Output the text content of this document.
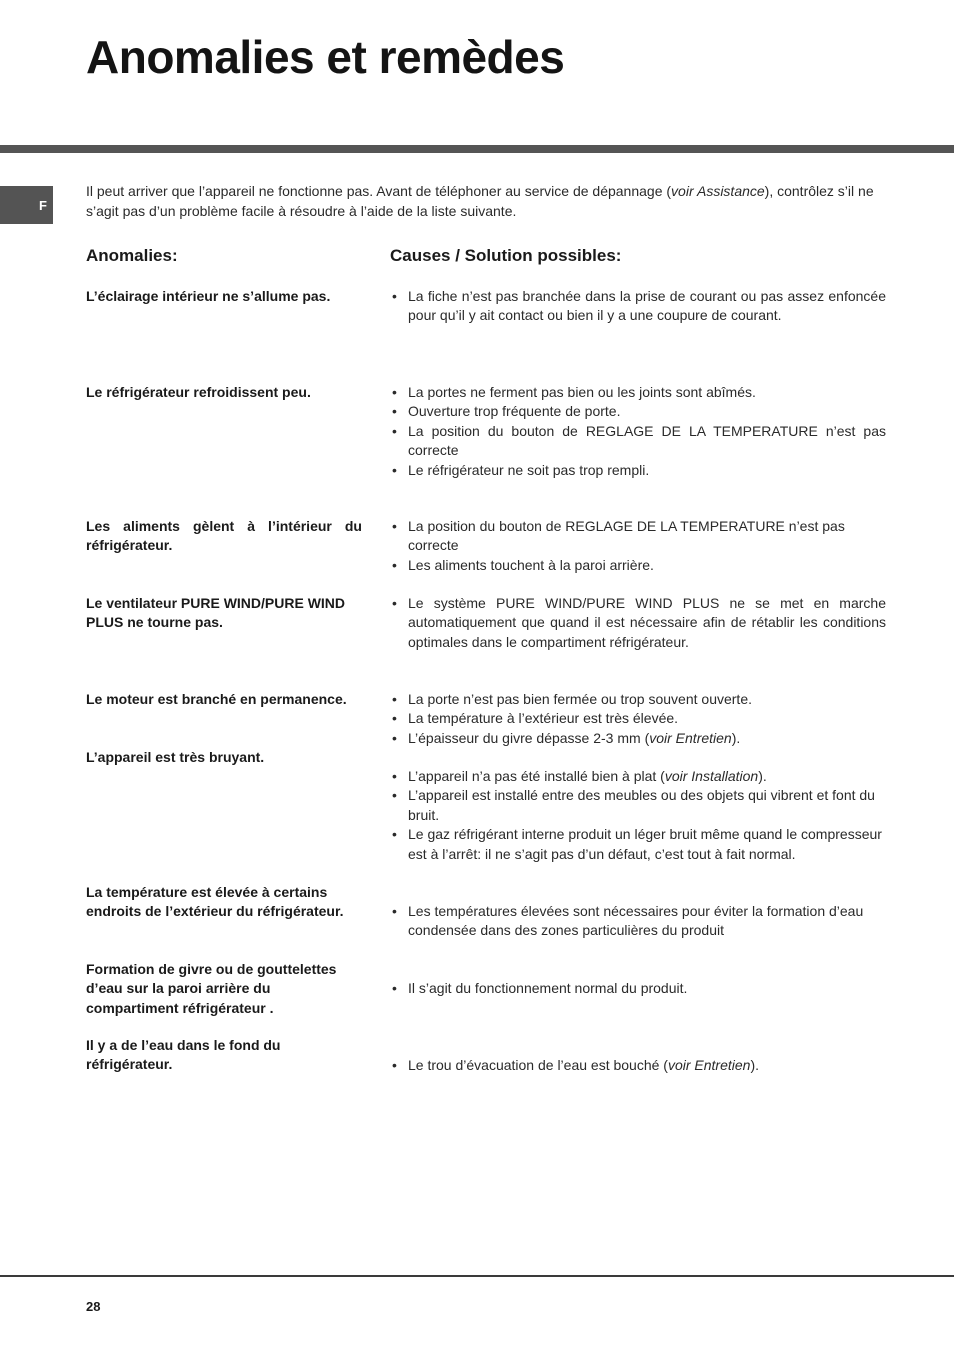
Anomalies et remèdes
F

Il peut arriver que l’appareil ne fonctionne pas. Avant de téléphoner au service de dépannage (voir Assistance), contrôlez s’il ne s’agit pas d’un problème facile à résoudre à l’aide de la liste suivante.

Anomalies:	Causes / Solution possibles:

L’éclairage intérieur ne s’allume pas.

Le réfrigérateur refroidissent peu.

Les aliments gèlent à l’intérieur du réfrigérateur.

Le ventilateur PURE WIND/PURE WIND PLUS ne tourne pas.

Le moteur est branché en permanence.

L’appareil est très bruyant.

La température est élevée à certains endroits de l’extérieur du réfrigérateur.

Formation de givre ou de gouttelettes d’eau sur la paroi arrière du compartiment réfrigérateur .

Il y a de l’eau dans le fond du réfrigérateur.

• La fiche n’est pas branchée dans la prise de courant ou pas assez enfoncée pour qu’il y ait contact ou bien il y a une coupure de courant.
• La portes ne ferment pas bien ou les joints sont abîmés.
• Ouverture trop fréquente de porte.
• La position du bouton de REGLAGE DE LA TEMPERATURE n’est pas correcte
• Le réfrigérateur ne soit pas trop rempli.
• La position du bouton de REGLAGE DE LA TEMPERATURE n’est pas correcte
• Les aliments touchent à la paroi arrière.
• Le système PURE WIND/PURE WIND PLUS ne se met en marche automatiquement que quand il est nécessaire afin de rétablir les conditions optimales dans le compartiment réfrigérateur.
• La porte n’est pas bien fermée ou trop souvent ouverte.
• La température à l’extérieur est très élevée.
• L’épaisseur du givre dépasse 2-3 mm (voir Entretien).
• L’appareil n’a pas été installé bien à plat (voir Installation).
• L’appareil est installé entre des meubles ou des objets qui vibrent et font du bruit.
• Le gaz réfrigérant interne produit un léger bruit même quand le compresseur est à l’arrêt: il ne s’agit pas d’un défaut, c’est tout à fait normal.
• Les températures élevées sont nécessaires pour éviter la formation d’eau condensée dans des zones particulières du produit
• Il s’agit du fonctionnement normal du produit.
• Le trou d’évacuation de l’eau est bouché (voir Entretien).
28
